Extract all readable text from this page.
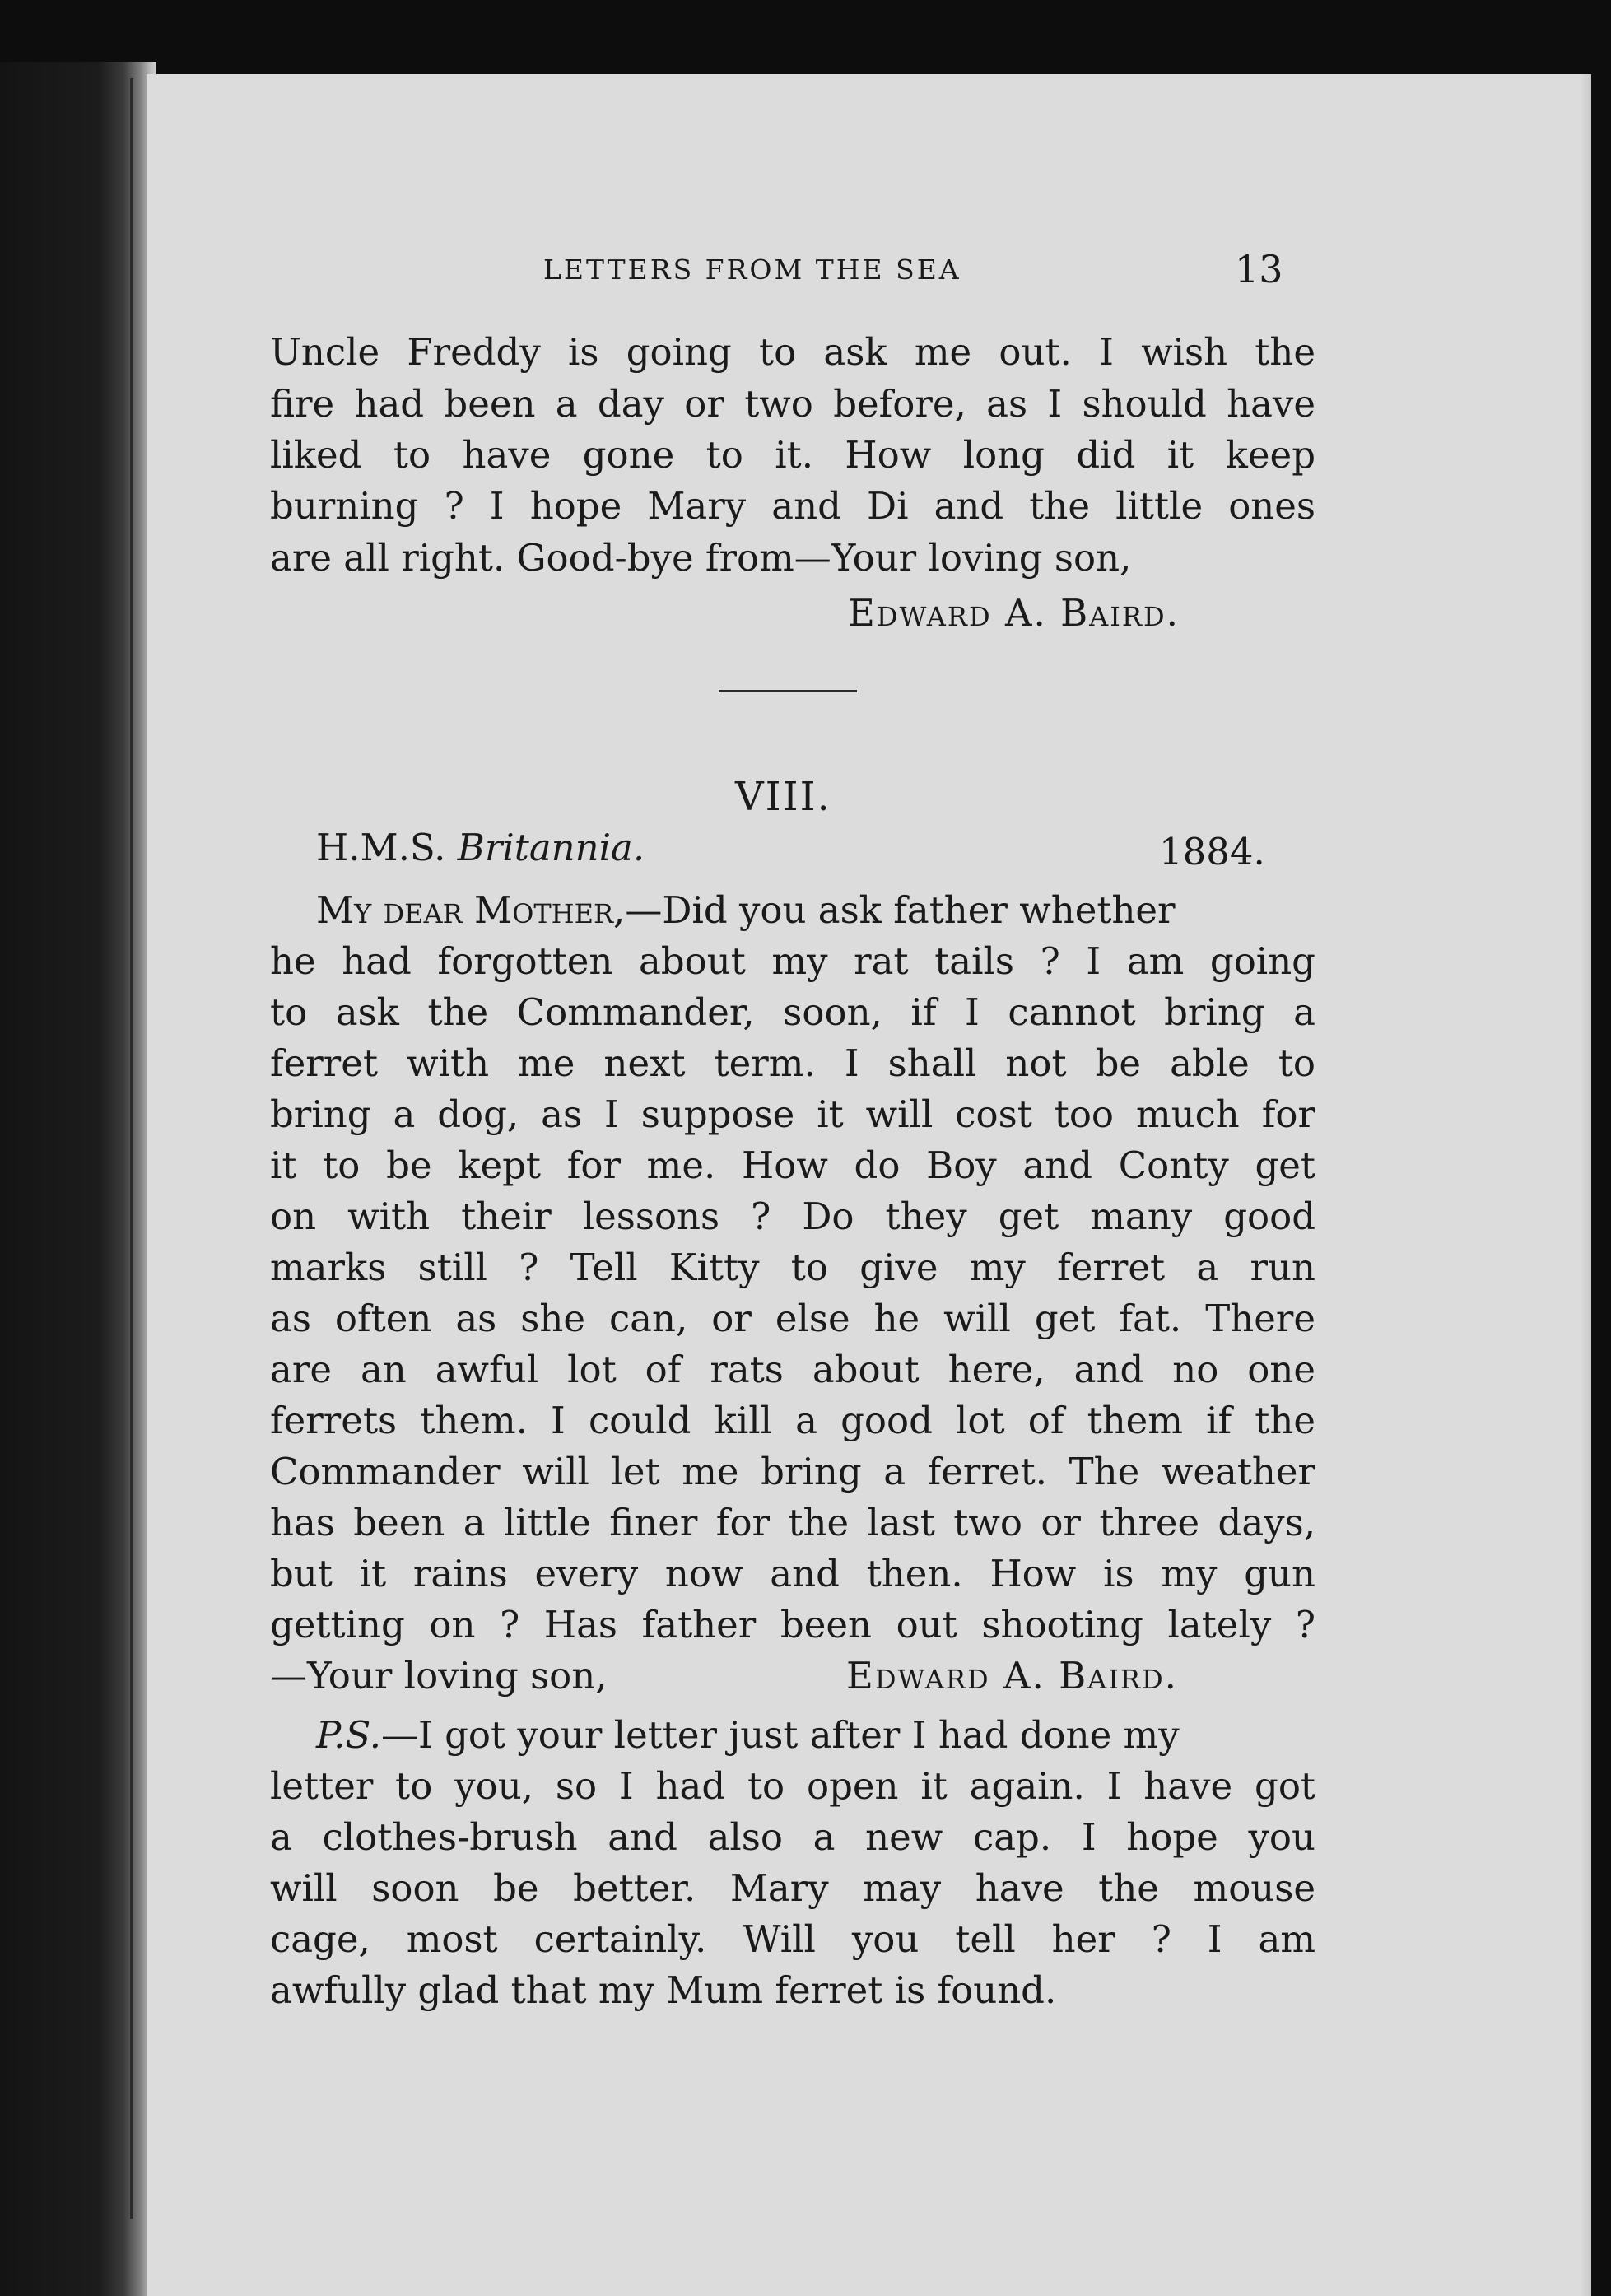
LETTERS FROM THE SEA	13
Uncle Freddy is going to ask me out. I wish the
fire had been a day or two before, as I should have
liked to have gone to it. How long did it keep
burning ? I hope Mary and Di and the little ones
are all right. Good-bye from—Your loving son,
Edward A. Baird.
VIII.
H.M.S. Britannia.	1884.
My dear Mother,—Did you ask father whether
he had forgotten about my rat tails ? I am going
to ask the Commander, soon, if I cannot bring a
ferret with me next term. I shall not be able to
bring a dog, as I suppose it will cost too much for
it to be kept for me. How do Boy and Conty get
on with their lessons ? Do they get many good
marks still ? Tell Kitty to give my ferret a run
as often as she can, or else he will get fat. There
are an awful lot of rats about here, and no one
ferrets them. I could kill a good lot of them if the
Commander will let me bring a ferret. The weather
has been a little finer for the last two or three days,
but it rains every now and then. How is my gun
getting on ? Has father been out shooting lately ?
—Your loving son,	Edward A. Baird.
P.S.—I got your letter just after I had done my
letter to you, so I had to open it again. I have got
a clothes-brush and also a new cap. I hope you
will soon be better. Mary may have the mouse
cage, most certainly. Will you tell her ? I am
awfully glad that my Mum ferret is found.
